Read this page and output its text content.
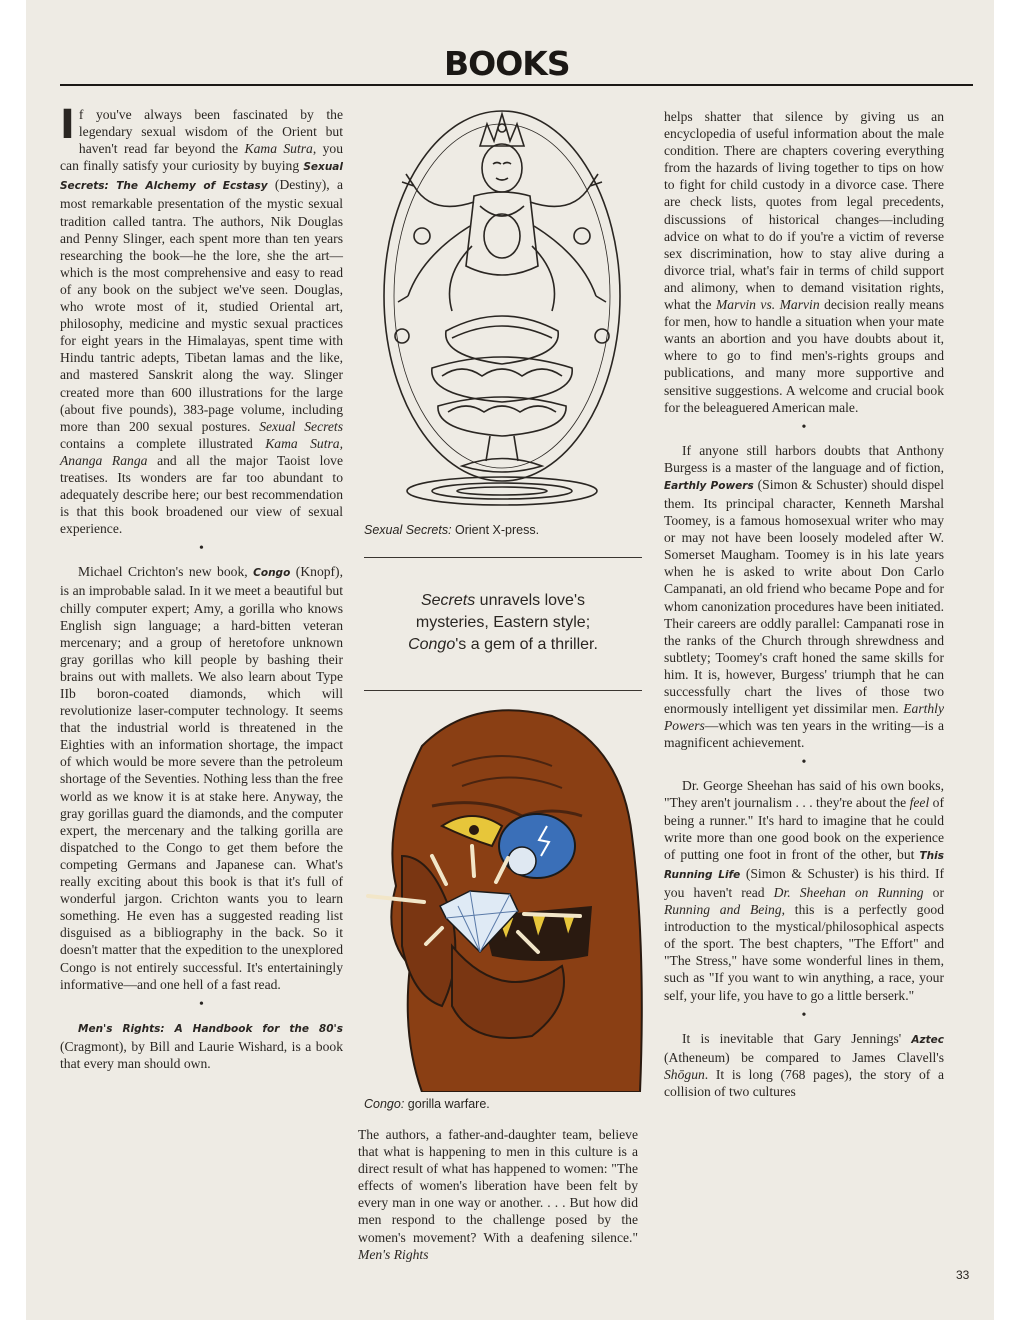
BOOKS

If you've always been fascinated by the legendary sexual wisdom of the Orient but haven't read far beyond the Kama Sutra, you can finally satisfy your curiosity by buying Sexual Secrets: The Alchemy of Ecstasy (Destiny), a most remarkable presentation of the mystic sexual tradition called tantra. The authors, Nik Douglas and Penny Slinger, each spent more than ten years researching the book—he the lore, she the art—which is the most comprehensive and easy to read of any book on the subject we've seen. Douglas, who wrote most of it, studied Oriental art, philosophy, medicine and mystic sexual practices for eight years in the Himalayas, spent time with Hindu tantric adepts, Tibetan lamas and the like, and mastered Sanskrit along the way. Slinger created more than 600 illustrations for the large (about five pounds), 383-page volume, including more than 200 sexual postures. Sexual Secrets contains a complete illustrated Kama Sutra, Ananga Ranga and all the major Taoist love treatises. Its wonders are far too abundant to adequately describe here; our best recommendation is that this book broadened our view of sexual experience.

•

Michael Crichton's new book, Congo (Knopf), is an improbable salad. In it we meet a beautiful but chilly computer expert; Amy, a gorilla who knows English sign language; a hard-bitten veteran mercenary; and a group of heretofore unknown gray gorillas who kill people by bashing their brains out with mallets. We also learn about Type IIb boron-coated diamonds, which will revolutionize laser-computer technology. It seems that the industrial world is threatened in the Eighties with an information shortage, the impact of which would be more severe than the petroleum shortage of the Seventies. Nothing less than the free world as we know it is at stake here. Anyway, the gray gorillas guard the diamonds, and the computer expert, the mercenary and the talking gorilla are dispatched to the Congo to get them before the competing Germans and Japanese can. What's really exciting about this book is that it's full of wonderful jargon. Crichton wants you to learn something. He even has a suggested reading list disguised as a bibliography in the back. So it doesn't matter that the expedition to the unexplored Congo is not entirely successful. It's entertainingly informative—and one hell of a fast read.

•

Men's Rights: A Handbook for the 80's (Cragmont), by Bill and Laurie Wishard, is a book that every man should own.

Sexual Secrets: Orient X-press.
Secrets unravels love's
mysteries, Eastern style;
Congo's a gem of a thriller.
Congo: gorilla warfare.

The authors, a father-and-daughter team, believe that what is happening to men in this culture is a direct result of what has happened to women: "The effects of women's liberation have been felt by every man in one way or another. . . . But how did men respond to the challenge posed by the women's movement? With a deafening silence." Men's Rights

helps shatter that silence by giving us an encyclopedia of useful information about the male condition. There are chapters covering everything from the hazards of living together to tips on how to fight for child custody in a divorce case. There are check lists, quotes from legal precedents, discussions of historical changes—including advice on what to do if you're a victim of reverse sex discrimination, how to stay alive during a divorce trial, what's fair in terms of child support and alimony, when to demand visitation rights, what the Marvin vs. Marvin decision really means for men, how to handle a situation when your mate wants an abortion and you have doubts about it, where to go to find men's-rights groups and publications, and many more supportive and sensitive suggestions. A welcome and crucial book for the beleaguered American male.

•

If anyone still harbors doubts that Anthony Burgess is a master of the language and of fiction, Earthly Powers (Simon & Schuster) should dispel them. Its principal character, Kenneth Marshal Toomey, is a famous homosexual writer who may or may not have been loosely modeled after W. Somerset Maugham. Toomey is in his late years when he is asked to write about Don Carlo Campanati, an old friend who became Pope and for whom canonization procedures have been initiated. Their careers are oddly parallel: Campanati rose in the ranks of the Church through shrewdness and subtlety; Toomey's craft honed the same skills for him. It is, however, Burgess' triumph that he can successfully chart the lives of those two enormously intelligent yet dissimilar men. Earthly Powers—which was ten years in the writing—is a magnificent achievement.

•

Dr. George Sheehan has said of his own books, "They aren't journalism . . . they're about the feel of being a runner." It's hard to imagine that he could write more than one good book on the experience of putting one foot in front of the other, but This Running Life (Simon & Schuster) is his third. If you haven't read Dr. Sheehan on Running or Running and Being, this is a perfectly good introduction to the mystical/philosophical aspects of the sport. The best chapters, "The Effort" and "The Stress," have some wonderful lines in them, such as "If you want to win anything, a race, your self, your life, you have to go a little berserk."

•

It is inevitable that Gary Jennings' Aztec (Atheneum) be compared to James Clavell's Shōgun. It is long (768 pages), the story of a collision of two cultures

33
